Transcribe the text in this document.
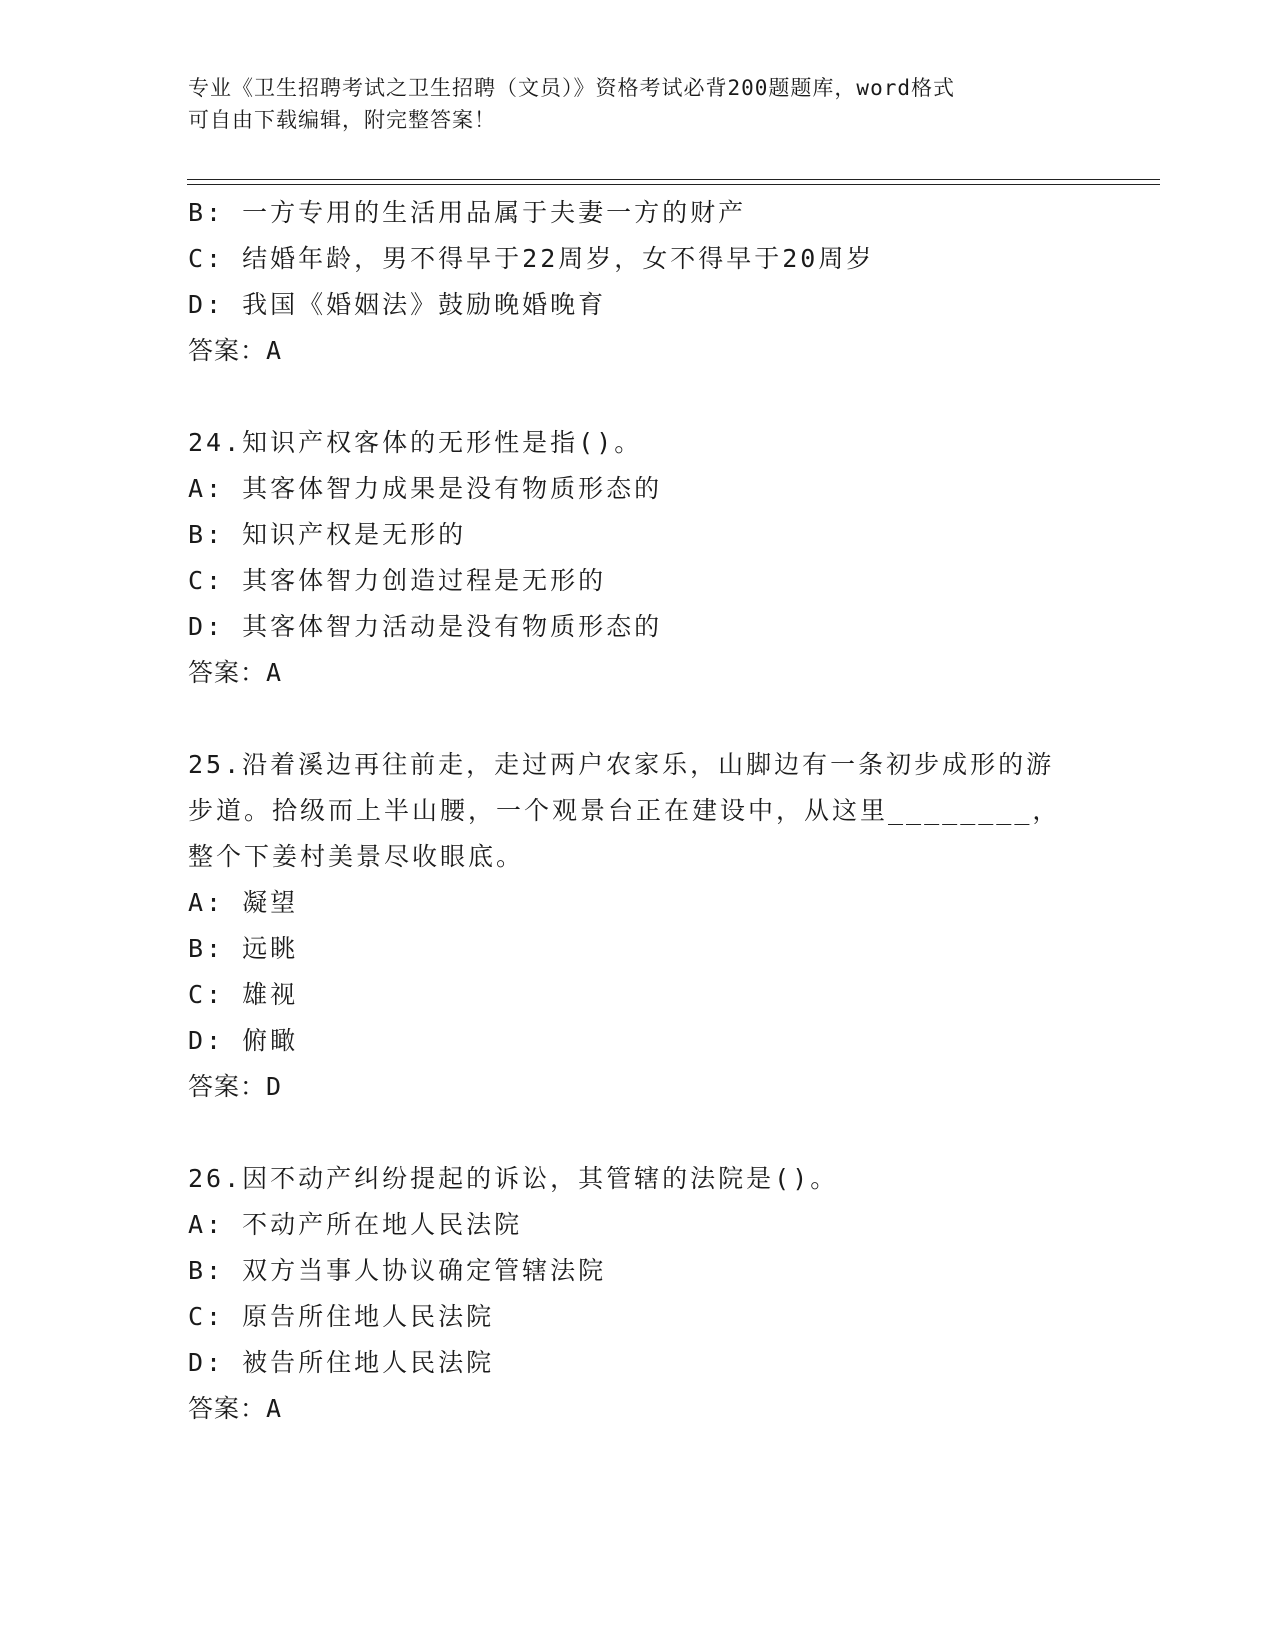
专业《卫生招聘考试之卫生招聘（文员）》资格考试必背200题题库，word格式
可自由下载编辑，附完整答案！
B: 一方专用的生活用品属于夫妻一方的财产
C: 结婚年龄，男不得早于22周岁，女不得早于20周岁
D: 我国《婚姻法》鼓励晚婚晚育
答案：A
24.知识产权客体的无形性是指()。
A: 其客体智力成果是没有物质形态的
B: 知识产权是无形的
C: 其客体智力创造过程是无形的
D: 其客体智力活动是没有物质形态的
答案：A
25.沿着溪边再往前走，走过两户农家乐，山脚边有一条初步成形的游
步道。拾级而上半山腰，一个观景台正在建设中，从这里________，
整个下姜村美景尽收眼底。
A: 凝望
B: 远眺
C: 雄视
D: 俯瞰
答案：D
26.因不动产纠纷提起的诉讼，其管辖的法院是()。
A: 不动产所在地人民法院
B: 双方当事人协议确定管辖法院
C: 原告所住地人民法院
D: 被告所住地人民法院
答案：A
